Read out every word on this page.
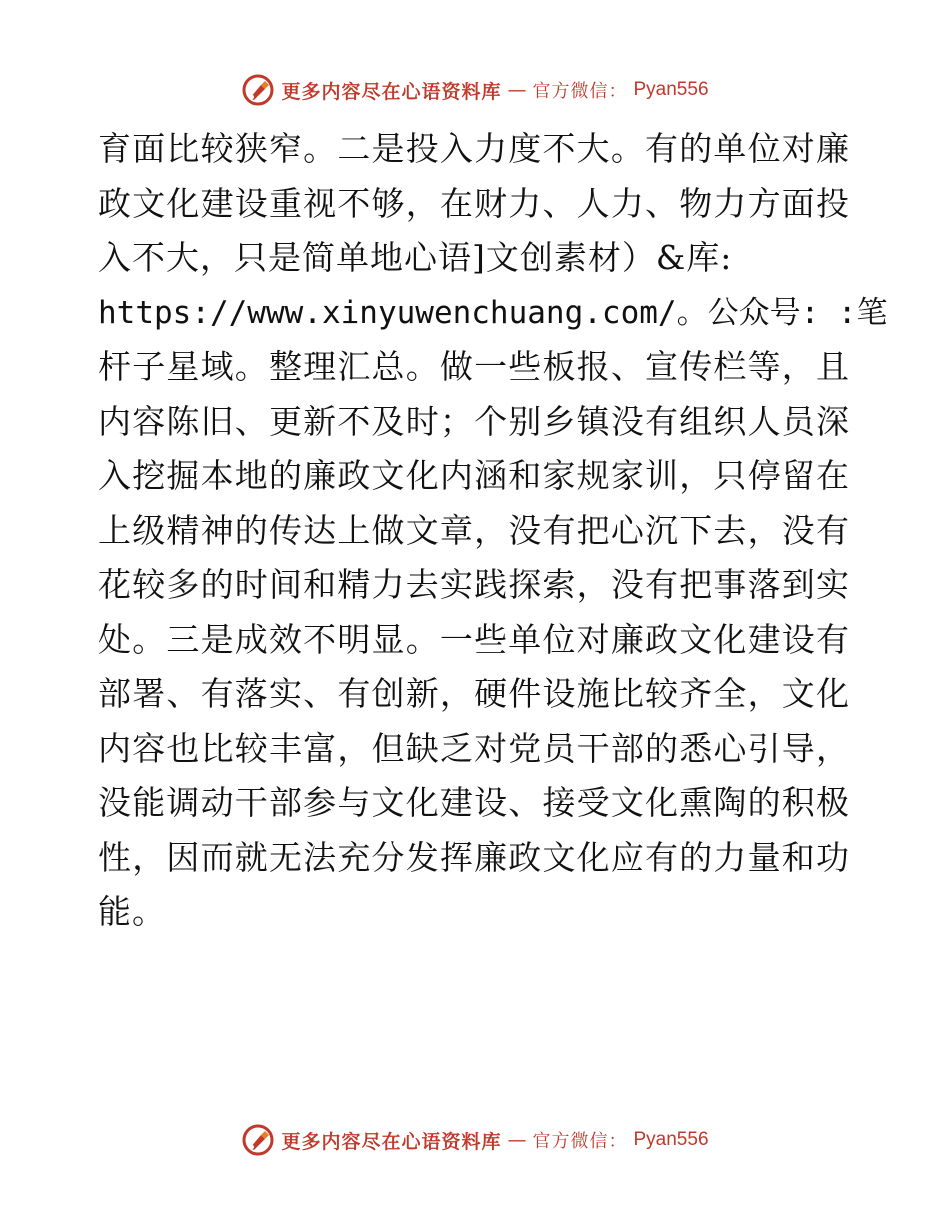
更多内容尽在心语资料库 — 官方微信： Pyan556
育面比较狭窄。二是投入力度不大。有的单位对廉
政文化建设重视不够，在财力、人力、物力方面投
入不大，只是简单地心语]文创素材）&库:
https://www.xinyuwenchuang.com/。公众号: :笔
杆子星域。整理汇总。做一些板报、宣传栏等，且
内容陈旧、更新不及时；个别乡镇没有组织人员深
入挖掘本地的廉政文化内涵和家规家训，只停留在
上级精神的传达上做文章，没有把心沉下去，没有
花较多的时间和精力去实践探索，没有把事落到实
处。三是成效不明显。一些单位对廉政文化建设有
部署、有落实、有创新，硬件设施比较齐全，文化
内容也比较丰富，但缺乏对党员干部的悉心引导，
没能调动干部参与文化建设、接受文化熏陶的积极
性，因而就无法充分发挥廉政文化应有的力量和功
能。
更多内容尽在心语资料库 — 官方微信： Pyan556
